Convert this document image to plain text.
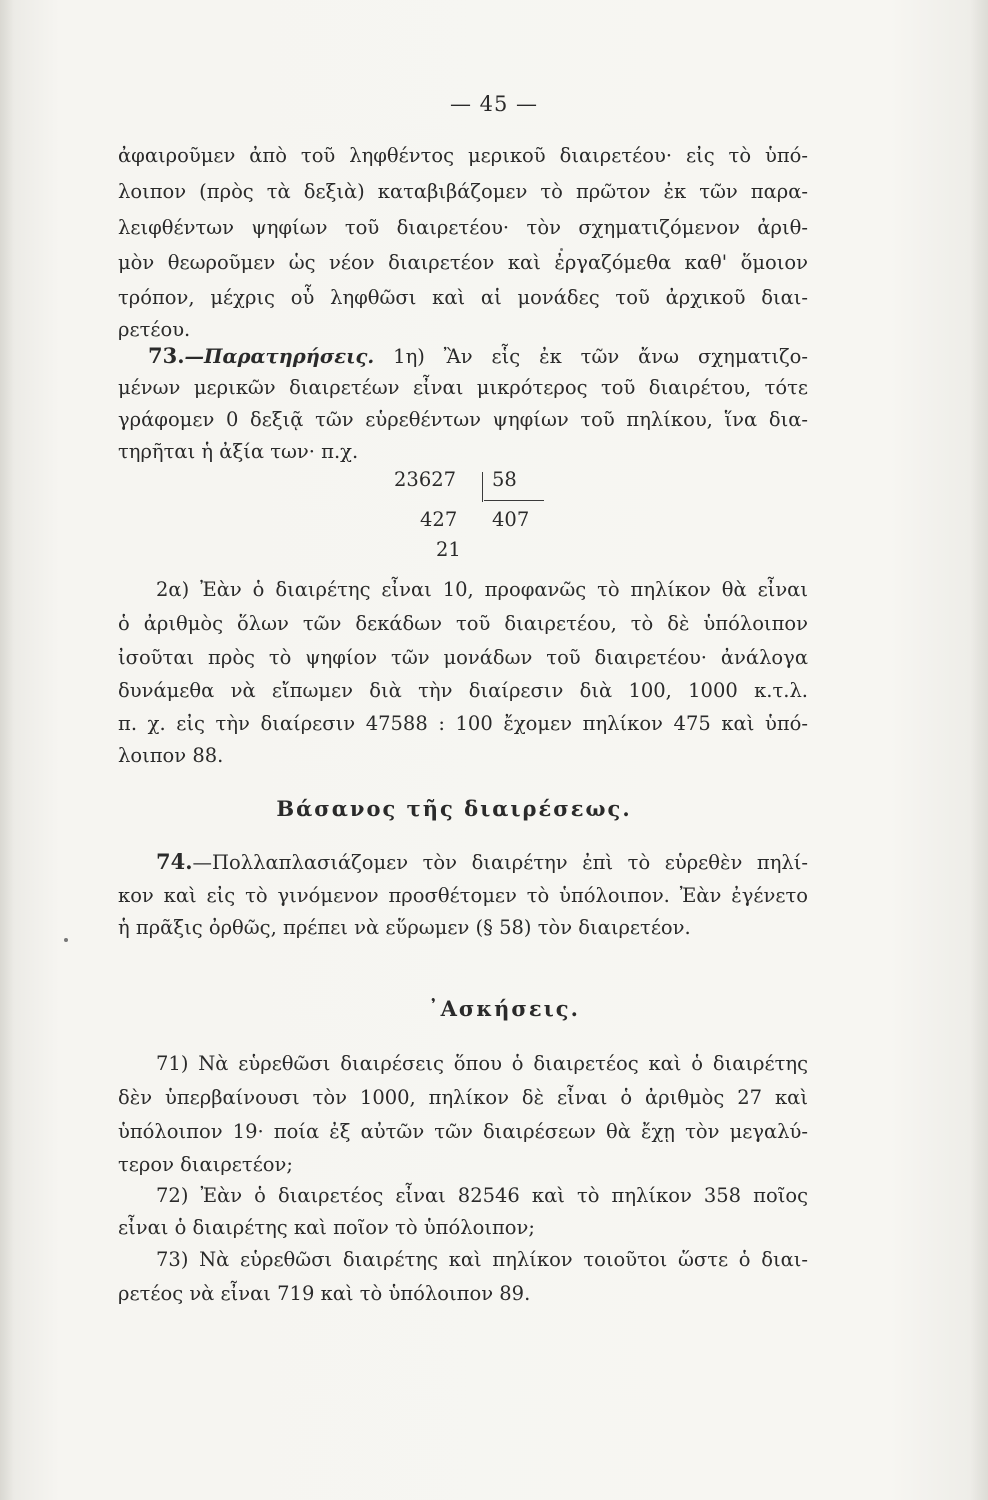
— 45 —
ἀφαιροῦμεν ἀπὸ τοῦ ληφθέντος μερικοῦ διαιρετέου· εἰς τὸ ὑπό-
λοιπον (πρὸς τὰ δεξιὰ) καταβιβάζομεν τὸ πρῶτον ἐκ τῶν παρα-
λειφθέντων ψηφίων τοῦ διαιρετέου· τὸν σχηματιζόμενον ἀριθ-
μὸν θεωροῦμεν ὡς νέον διαιρετέον καὶ ἐργαζόμεθα καθ' ὅμοιον
τρόπον, μέχρις οὗ ληφθῶσι καὶ αἱ μονάδες τοῦ ἀρχικοῦ διαι-
ρετέου.
73.—Παρατηρήσεις. 1η) Ἂν εἷς ἐκ τῶν ἄνω σχηματιζο-
μένων μερικῶν διαιρετέων εἶναι μικρότερος τοῦ διαιρέτου, τότε
γράφομεν 0 δεξιᾷ τῶν εὑρεθέντων ψηφίων τοῦ πηλίκου, ἵνα δια-
τηρῆται ἡ ἀξία των· π.χ.
23627 58
427 407
21
2α) Ἐὰν ὁ διαιρέτης εἶναι 10, προφανῶς τὸ πηλίκον θὰ εἶναι
ὁ ἀριθμὸς ὅλων τῶν δεκάδων τοῦ διαιρετέου, τὸ δὲ ὑπόλοιπον
ἰσοῦται πρὸς τὸ ψηφίον τῶν μονάδων τοῦ διαιρετέου· ἀνάλογα
δυνάμεθα νὰ εἴπωμεν διὰ τὴν διαίρεσιν διὰ 100, 1000 κ.τ.λ.
π. χ. εἰς τὴν διαίρεσιν 47588 : 100 ἔχομεν πηλίκον 475 καὶ ὑπό-
λοιπον 88.
Βάσανος τῆς διαιρέσεως.
74.—Πολλαπλασιάζομεν τὸν διαιρέτην ἐπὶ τὸ εὑρεθὲν πηλί-
κον καὶ εἰς τὸ γινόμενον προσθέτομεν τὸ ὑπόλοιπον. Ἐὰν ἐγένετο
ἡ πρᾶξις ὀρθῶς, πρέπει νὰ εὕρωμεν (§ 58) τὸν διαιρετέον.
᾿Ασκήσεις.
71) Νὰ εὑρεθῶσι διαιρέσεις ὅπου ὁ διαιρετέος καὶ ὁ διαιρέτης
δὲν ὑπερβαίνουσι τὸν 1000, πηλίκον δὲ εἶναι ὁ ἀριθμὸς 27 καὶ
ὑπόλοιπον 19· ποία ἐξ αὐτῶν τῶν διαιρέσεων θὰ ἔχῃ τὸν μεγαλύ-
τερον διαιρετέον;
72) Ἐὰν ὁ διαιρετέος εἶναι 82546 καὶ τὸ πηλίκον 358 ποῖος
εἶναι ὁ διαιρέτης καὶ ποῖον τὸ ὑπόλοιπον;
73) Νὰ εὑρεθῶσι διαιρέτης καὶ πηλίκον τοιοῦτοι ὥστε ὁ διαι-
ρετέος νὰ εἶναι 719 καὶ τὸ ὑπόλοιπον 89.
